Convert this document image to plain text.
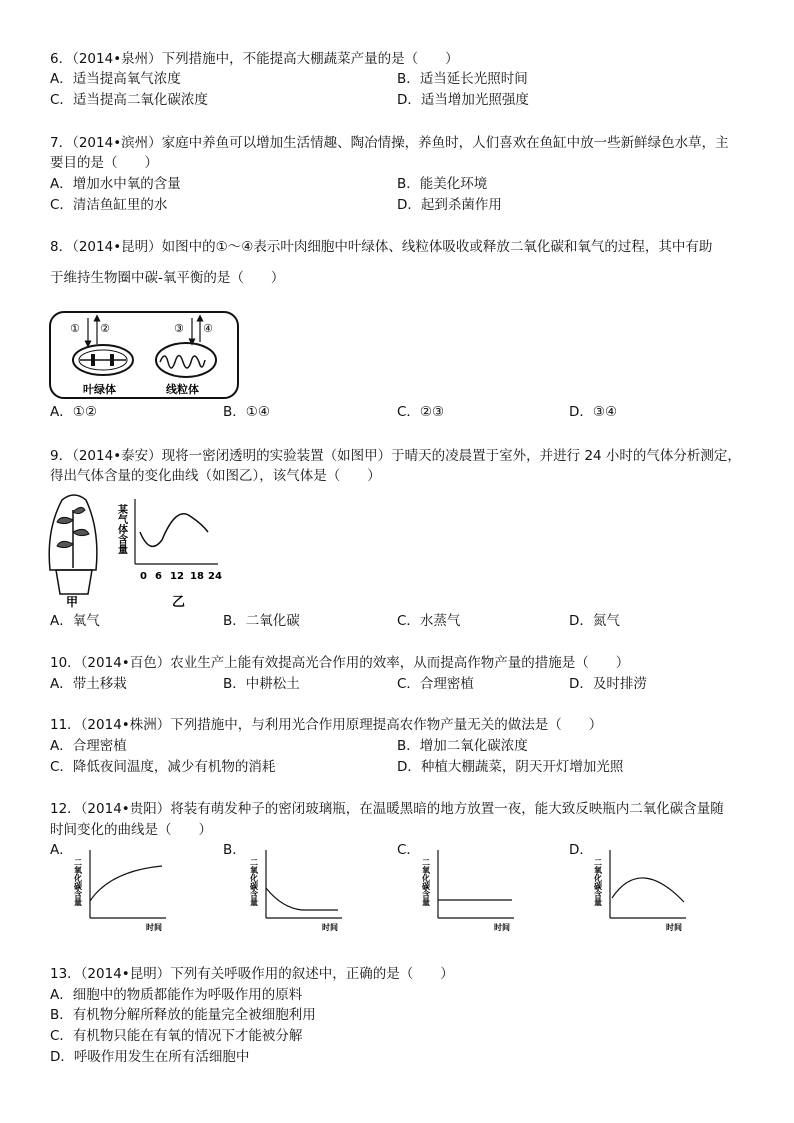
6．（2014•泉州）下列措施中，不能提高大棚蔬菜产量的是（　　）
A．适当提高氧气浓度	B．适当延长光照时间
C．适当提高二氧化碳浓度	D．适当增加光照强度
7．（2014•滨州）家庭中养鱼可以增加生活情趣、陶冶情操，养鱼时，人们喜欢在鱼缸中放一些新鲜绿色水草，主
要目的是（　　）
A．增加水中氧的含量	B．能美化环境
C．清洁鱼缸里的水	D．起到杀菌作用
8．（2014•昆明）如图中的①～④表示叶肉细胞中叶绿体、线粒体吸收或释放二氧化碳和氧气的过程，其中有助
于维持生物圈中碳-氧平衡的是（　　）
① ②	③ ④
叶绿体	线粒体
A．①②	B．①④	C．②③	D．③④
9．（2014•泰安）现将一密闭透明的实验装置（如图甲）于晴天的凌晨置于室外，并进行 24 小时的气体分析测定，
得出气体含量的变化曲线（如图乙），该气体是（　　）
甲
某气体含量
0 6 12 18 24
乙
A．氧气	B．二氧化碳	C．水蒸气	D．氮气
10．（2014•百色）农业生产上能有效提高光合作用的效率，从而提高作物产量的措施是（　　）
A．带土移栽	B．中耕松土	C．合理密植	D．及时排涝
11．（2014•株洲）下列措施中，与利用光合作用原理提高农作物产量无关的做法是（　　）
A．合理密植	B．增加二氧化碳浓度
C．降低夜间温度，减少有机物的消耗	D．种植大棚蔬菜，阴天开灯增加光照
12．（2014•贵阳）将装有萌发种子的密闭玻璃瓶，在温暖黑暗的地方放置一夜，能大致反映瓶内二氧化碳含量随
时间变化的曲线是（　　）
A．
二氧化碳含量
时间
B．
二氧化碳含量
时间
C．
二氧化碳含量
时间
D．
二氧化碳含量
时间
13．（2014•昆明）下列有关呼吸作用的叙述中，正确的是（　　）
A．细胞中的物质都能作为呼吸作用的原料
B．有机物分解所释放的能量完全被细胞利用
C．有机物只能在有氧的情况下才能被分解
D．呼吸作用发生在所有活细胞中
